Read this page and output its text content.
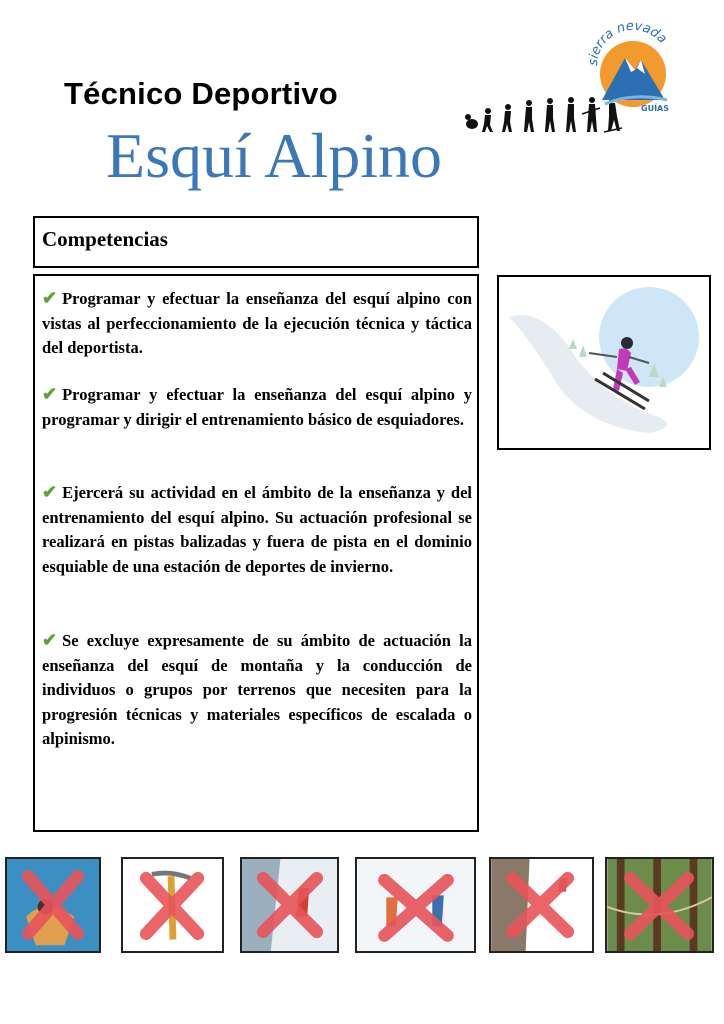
Técnico Deportivo
Esquí Alpino
sierra nevada
GUÍAS
Competencias

✔ Programar y efectuar la enseñanza del esquí alpino con vistas al perfeccionamiento de la ejecución técnica y táctica del deportista.

✔ Programar y efectuar la enseñanza del esquí alpino y programar y dirigir el entrenamiento básico de esquiadores.

✔ Ejercerá su actividad en el ámbito de la enseñanza y del entrenamiento del esquí alpino. Su actuación profesional se realizará en pistas balizadas y fuera de pista en el dominio esquiable de una estación de deportes de invierno.

✔ Se excluye expresamente de su ámbito de actuación la enseñanza del esquí de montaña y la conducción de individuos o grupos por terrenos que necesiten para la progresión técnicas y materiales específicos de escalada o alpinismo.
